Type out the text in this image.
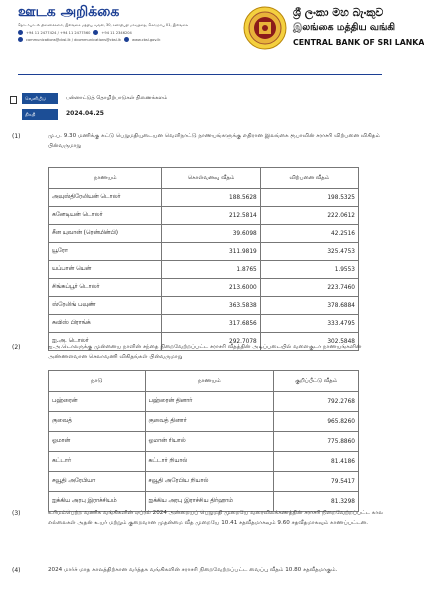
ஊடக அறிக்கை
தொடர்பாடல் திணைக்களம், இலங்கை மத்திய வங்கி, 30, சனாதிபதி மாவத்தை, கொழும்பு 01, இலங்கை
+94 11 2477424 / +94 11 2477560	+94 11 2346204
communications@cbsl.lk / dcommunications@cbsl.lk	www.cbsl.gov.lk
ශ්‍රී ලංකා මහ බැංකුව
இலங்கை மத்திய வங்கி
CENTRAL BANK OF SRI LANKA
வெளியீடு	பன்னாட்டுத் தொழிற்பாடுகள் திணைக்களம்
திகதி	2024.04.25
(1)	மு.ப. 9.30 மணிக்கு சுட்டு பெறுமதியுடையன வெளிநாட்டு நாணயங்களுக்கு எதிரான இலங்கை ரூபாவின் சராசரி விற்பனை விகிதம் பின்வருமாறு
நாணயம்	கொள்வனவு வீதம்	விற்பனை வீதம்
அவுஸ்திரேலியன் டொலர்	188.5628	198.5325
கனேடியன் டொலர்	212.5814	222.0612
சீன யுவான் (ரென்மின்பி)	39.6098	42.2516
யூரோ	311.9819	325.4753
யப்பான் யென்	1.8765	1.9553
சிங்கப்பூர் டொலர்	213.6000	223.7460
ஸ்ரேலிங் பவுண்	363.5838	378.6884
சுவிஸ் பிராங்க்	317.6856	333.4795
ஐ.அ. டொலர்	292.7078	302.5848
(2)	ஐ.அ.டொலருக்கு முன்னைய நாளின் சந்தை நிறைவேற்றப்பட்ட சராசரி வீதத்தின் அடிப்படையில் வளைகுடா நாணயங்களின் அண்ணளவான செலாவணி விகிதங்கள் பின்வருமாறு
நாடு	நாணயம்	குறிப்பீட்டு வீதம்
பஹ்ரைன்	பஹ்ரைன் தினார்	792.2768
குவைத்	குவைத் தினார்	965.8260
ஓமான்	ஓமான் ரியால்	775.8860
கட்டார்	கட்டார் றியால்	81.4186
சவூதி அரேபியா	சவூதி அரேபிய றியால்	79.5417
ஐக்கிய அரபு இராச்சியம்	ஐக்கிய அரபு இராச்சிய திர்ஹாம்	81.3298
(3)	உரிமம்பெற்ற வணிக வங்கிகளின் ஏப்ரல் 2024 அன்றையப் பெறுமதி முறையே வரைவிலக்கணத்தின் சராசரி நிறைவேற்றப்பட்ட கால எல்லைகள் அதன் உயர் மற்றும் குறைவான முதன்மை வீத முறையே 10.41 சதவீதமாகவும் 9.60 சதவீதமாகவும் காணப்பட்டன.
(4)	2024 மார்ச் மாத காலத்திற்கான வர்த்தக வங்கிகளின் சராசரி நிறைவேற்றப்பட்ட வைப்பு வீதம் 10.80 சதவீதமாகும்.
